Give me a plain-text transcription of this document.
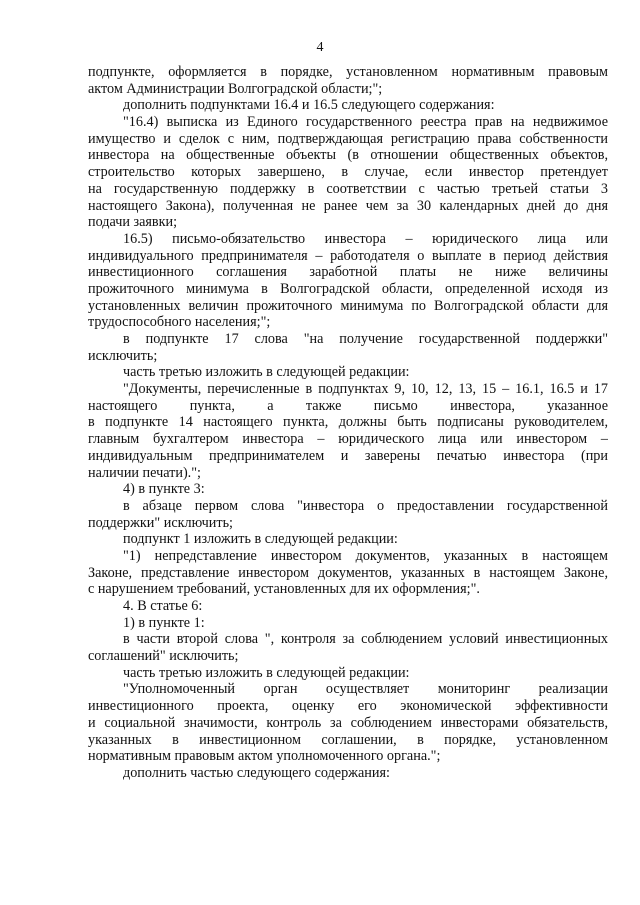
4
подпункте, оформляется в порядке, установленном нормативным правовым
актом Администрации Волгоградской области;";
дополнить подпунктами 16.4 и 16.5 следующего содержания:
"16.4) выписка из Единого государственного реестра прав на недвижимое
имущество и сделок с ним, подтверждающая регистрацию права собственности
инвестора на общественные объекты (в отношении общественных объектов,
строительство которых завершено, в случае, если инвестор претендует
на государственную поддержку в соответствии с частью третьей статьи 3
настоящего Закона), полученная не ранее чем за 30 календарных дней до дня
подачи заявки;
16.5) письмо-обязательство инвестора – юридического лица или
индивидуального предпринимателя – работодателя о выплате в период действия
инвестиционного соглашения заработной платы не ниже величины
прожиточного минимума в Волгоградской области, определенной исходя из
установленных величин прожиточного минимума по Волгоградской области для
трудоспособного населения;";
в подпункте 17 слова "на получение государственной поддержки"
исключить;
часть третью изложить в следующей редакции:
"Документы, перечисленные в подпунктах 9, 10, 12, 13, 15 – 16.1, 16.5 и 17
настоящего пункта, а также письмо инвестора, указанное
в подпункте 14 настоящего пункта, должны быть подписаны руководителем,
главным бухгалтером инвестора – юридического лица или инвестором –
индивидуальным предпринимателем и заверены печатью инвестора (при
наличии печати).";
4) в пункте 3:
в абзаце первом слова "инвестора о предоставлении государственной
поддержки" исключить;
подпункт 1 изложить в следующей редакции:
"1) непредставление инвестором документов, указанных в настоящем
Законе, представление инвестором документов, указанных в настоящем Законе,
с нарушением требований, установленных для их оформления;".
4. В статье 6:
1) в пункте 1:
в части второй слова ", контроля за соблюдением условий инвестиционных
соглашений" исключить;
часть третью изложить в следующей редакции:
"Уполномоченный орган осуществляет мониторинг реализации
инвестиционного проекта, оценку его экономической эффективности
и социальной значимости, контроль за соблюдением инвесторами обязательств,
указанных в инвестиционном соглашении, в порядке, установленном
нормативным правовым актом уполномоченного органа.";
дополнить частью следующего содержания:
